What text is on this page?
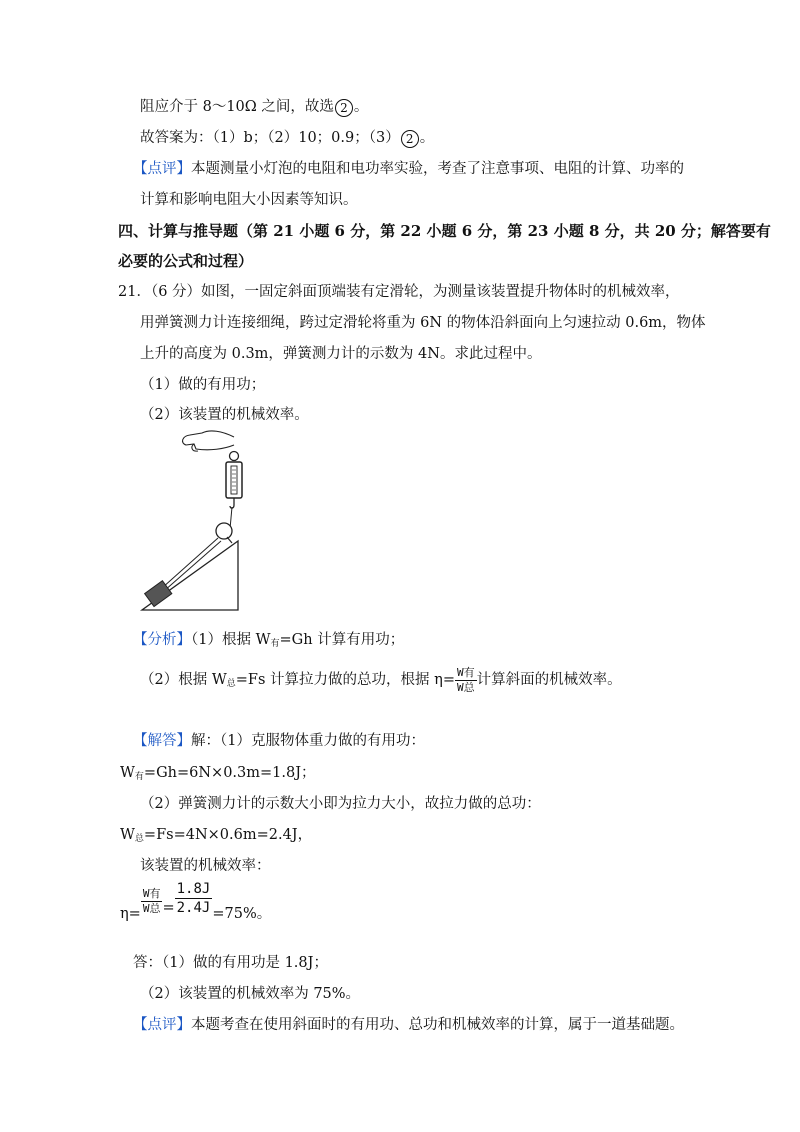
阻应介于 8～10Ω 之间，故选 2 。
故答案为：（1）b；（2）10；0.9；（3） 2 。
【点评】本题测量小灯泡的电阻和电功率实验，考查了注意事项、电阻的计算、功率的
计算和影响电阻大小因素等知识。
四、计算与推导题（第 21 小题 6 分，第 22 小题 6 分，第 23 小题 8 分，共 20 分；解答要有
必要的公式和过程）
21．（6 分）如图，一固定斜面顶端装有定滑轮，为测量该装置提升物体时的机械效率，
用弹簧测力计连接细绳，跨过定滑轮将重为 6N 的物体沿斜面向上匀速拉动 0.6m，物体
上升的高度为 0.3m，弹簧测力计的示数为 4N。求此过程中。
（1）做的有用功；
（2）该装置的机械效率。
【分析】（1）根据 W有=Gh 计算有用功；
（2）根据 W总=Fs 计算拉力做的总功，根据 $\eta= \frac{\text{W有}}{\text{W总}}$ 计算斜面的机械效率。
【解答】解：（1）克服物体重力做的有用功：
W有=Gh=6N×0.3m=1.8J；
（2）弹簧测力计的示数大小即为拉力大小，故拉力做的总功：
W总=Fs=4N×0.6m=2.4J，
该装置的机械效率：
$\eta= \frac{\text{W有}}{\text{W总}} = \frac{1.8J}{2.4J} =75\%$。
答：（1）做的有用功是 1.8J；
（2）该装置的机械效率为 75%。
【点评】本题考查在使用斜面时的有用功、总功和机械效率的计算，属于一道基础题。
